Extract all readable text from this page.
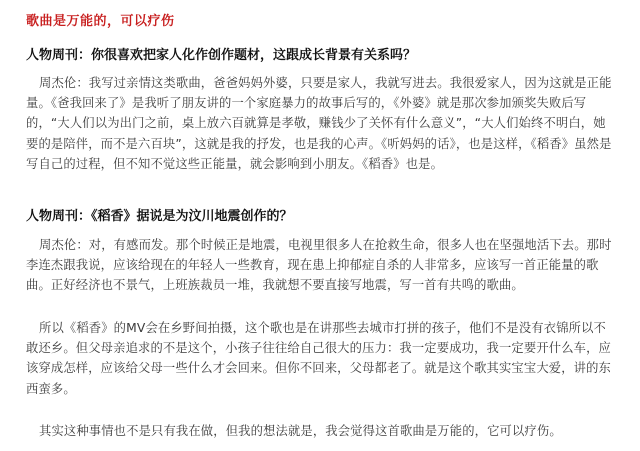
歌曲是万能的，可以疗伤
人物周刊：你很喜欢把家人化作创作题材，这跟成长背景有关系吗？
周杰伦：我写过亲情这类歌曲，爸爸妈妈外婆，只要是家人，我就写进去。我很爱家人，因为这就是正能量。《爸我回来了》是我听了朋友讲的一个家庭暴力的故事后写的，《外婆》就是那次参加颁奖失败后写的，“大人们以为出门之前，桌上放六百就算是孝敬，赚钱少了关怀有什么意义”，“大人们始终不明白，她要的是陪伴，而不是六百块”，这就是我的抒发，也是我的心声。《听妈妈的话》，也是这样，《稻香》虽然是写自己的过程，但不知不觉这些正能量，就会影响到小朋友。《稻香》也是。
人物周刊：《稻香》据说是为汶川地震创作的？
周杰伦：对，有感而发。那个时候正是地震，电视里很多人在抢救生命，很多人也在坚强地活下去。那时李连杰跟我说，应该给现在的年轻人一些教育，现在患上抑郁症自杀的人非常多，应该写一首正能量的歌曲。正好经济也不景气，上班族裁员一堆，我就想不要直接写地震，写一首有共鸣的歌曲。
所以《稻香》的MV会在乡野间拍摄，这个歌也是在讲那些去城市打拼的孩子，他们不是没有衣锦所以不敢还乡。但父母亲追求的不是这个，小孩子往往给自己很大的压力：我一定要成功，我一定要开什么车，应该穿成怎样，应该给父母一些什么才会回来。但你不回来，父母都老了。就是这个歌其实宝宝大爱，讲的东西蛮多。
其实这种事情也不是只有我在做，但我的想法就是，我会觉得这首歌曲是万能的，它可以疗伤。
